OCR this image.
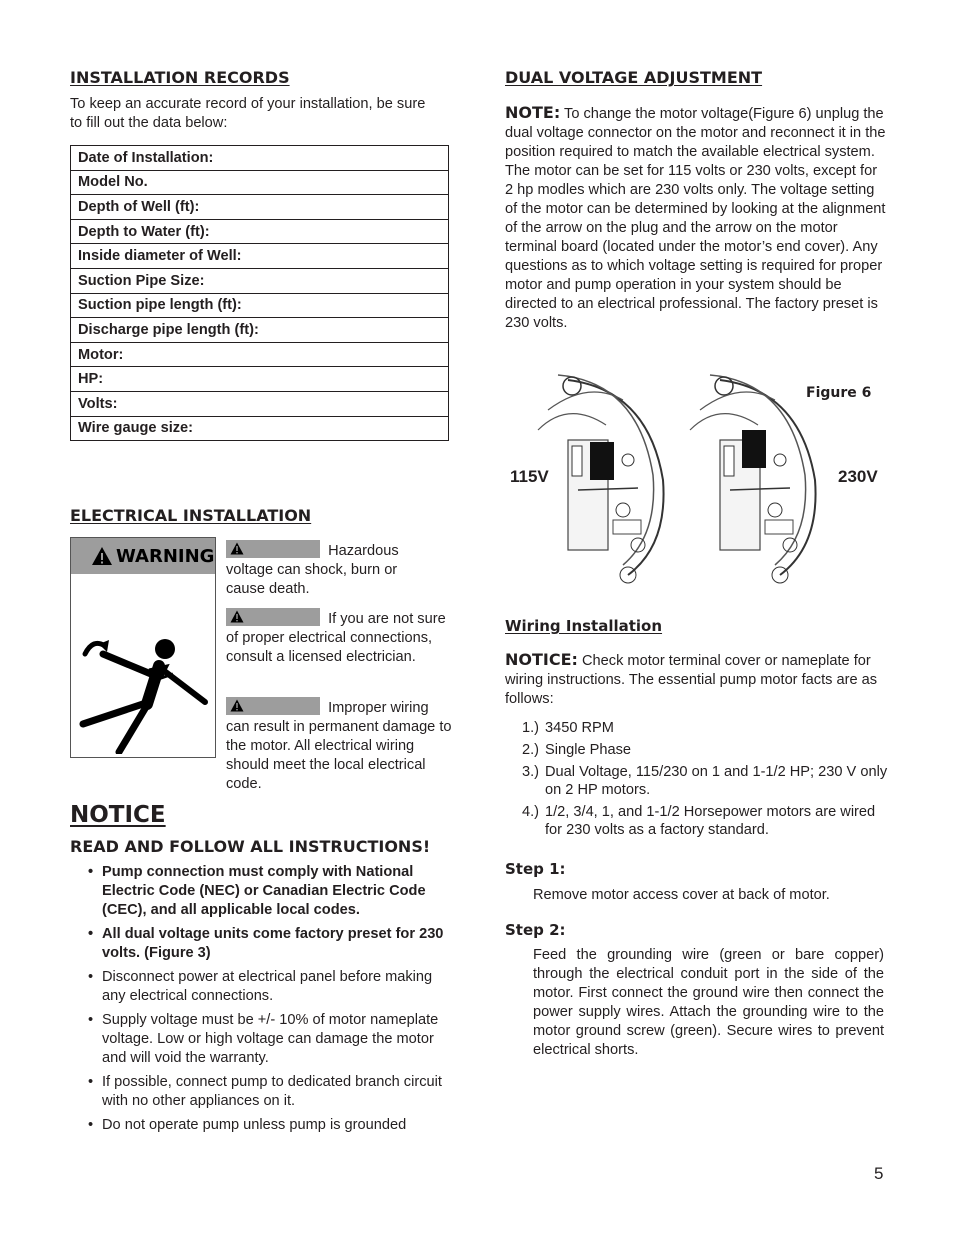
INSTALLATION RECORDS
To keep an accurate record of your installation, be sure to fill out the data below:
Date of Installation:
Model No.
Depth of Well (ft):
Depth to Water (ft):
Inside diameter of Well:
Suction Pipe Size:
Suction pipe length (ft):
Discharge pipe length (ft):
Motor:
HP:
Volts:
Wire gauge size:
ELECTRICAL INSTALLATION
WARNING	Hazardous voltage can shock, burn or cause death.
If you are not sure of proper electrical connections, consult a licensed electrician.
Improper wiring can result in permanent damage to the motor. All electrical wiring should meet the local electrical code.
NOTICE
READ AND FOLLOW ALL INSTRUCTIONS!
• Pump connection must comply with National Electric Code (NEC) or Canadian Electric Code (CEC), and all applicable local codes.
• All dual voltage units come factory preset for 230 volts. (Figure 3)
• Disconnect power at electrical panel before making any electrical connections.
• Supply voltage must be +/- 10% of motor nameplate voltage. Low or high voltage can damage the motor and will void the warranty.
• If possible, connect pump to dedicated branch circuit with no other appliances on it.
• Do not operate pump unless pump is grounded
DUAL VOLTAGE ADJUSTMENT
NOTE: To change the motor voltage(Figure 6) unplug the dual voltage connector on the motor and reconnect it in the position required to match the available electrical system. The motor can be set for 115 volts or 230 volts, except for 2 hp modles which are 230 volts only. The voltage setting of the motor can be determined by looking at the alignment of the arrow on the plug and the arrow on the motor terminal board (located under the motor’s end cover). Any questions as to which voltage setting is required for proper motor and pump operation in your system should be directed to an electrical professional. The factory preset is 230 volts.
Figure 6
115V	230V
Wiring Installation
NOTICE: Check motor terminal cover or nameplate for wiring instructions. The essential pump motor facts are as follows:
1.) 3450 RPM
2.) Single Phase
3.) Dual Voltage, 115/230 on 1 and 1-1/2 HP; 230 V only on 2 HP motors.
4.) 1/2, 3/4, 1, and 1-1/2 Horsepower motors are wired for 230 volts as a factory standard.
Step 1:
Remove motor access cover at back of motor.
Step 2:
Feed the grounding wire (green or bare copper) through the electrical conduit port in the side of the motor. First connect the ground wire then connect the power supply wires. Attach the grounding wire to the motor ground screw (green). Secure wires to prevent electrical shorts.
5
